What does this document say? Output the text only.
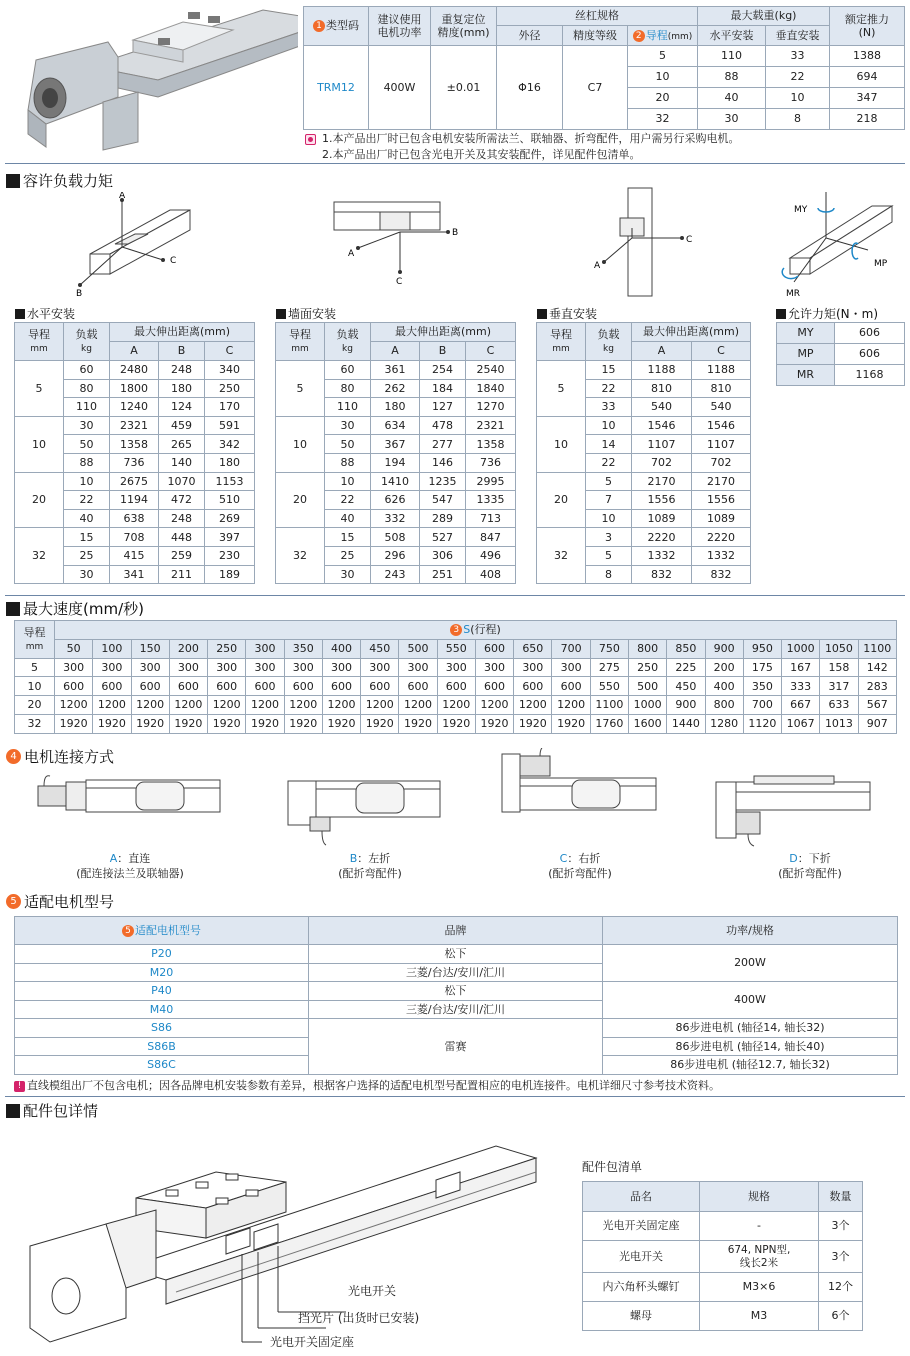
1 类型码	建议使用
电机功率	重复定位
精度(mm)	丝杠规格			最大载重(kg)		额定推力
(N)
			外径	精度等级	2 导程(mm)	水平安装	垂直安装	
TRM12	400W	±0.01	Φ16	C7	5	110	33	1388
					10	88	22	694
					20	40	10	347
					32	30	8	218
1.本产品出厂时已包含电机安装所需法兰、联轴器、折弯配件，用户需另行采购电机。
2.本产品出厂时已包含光电开关及其安装配件，详见配件包清单。
容许负载力矩
A
C
B
C
B
A
C
A
MY
MP
MR
水平安装	墙面安装	垂直安装	允许力矩(N・m)
导程
mm	负载
kg	最大伸出距离(mm)		
		A	B	C
5	60	2480	248	340
	80	1800	180	250
	110	1240	124	170
10	30	2321	459	591
	50	1358	265	342
	88	736	140	180
20	10	2675	1070	1153
	22	1194	472	510
	40	638	248	269
32	15	708	448	397
	25	415	259	230
	30	341	211	189
导程
mm	负载
kg	最大伸出距离(mm)		
		A	B	C
5	60	361	254	2540
	80	262	184	1840
	110	180	127	1270
10	30	634	478	2321
	50	367	277	1358
	88	194	146	736
20	10	1410	1235	2995
	22	626	547	1335
	40	332	289	713
32	15	508	527	847
	25	296	306	496
	30	243	251	408
导程
mm	负载
kg	最大伸出距离(mm)	
		A	C
5	15	1188	1188
	22	810	810
	33	540	540
10	10	1546	1546
	14	1107	1107
	22	702	702
20	5	2170	2170
	7	1556	1556
	10	1089	1089
32	3	2220	2220
	5	1332	1332
	8	832	832
MY	606
MP	606
MR	1168
最大速度(mm/秒)
导程
mm	3 S(行程)																					
	50	100	150	200	250	300	350	400	450	500	550	600	650	700	750	800	850	900	950	1000	1050	1100
5	300	300	300	300	300	300	300	300	300	300	300	300	300	300	275	250	225	200	175	167	158	142
10	600	600	600	600	600	600	600	600	600	600	600	600	600	600	550	500	450	400	350	333	317	283
20	1200	1200	1200	1200	1200	1200	1200	1200	1200	1200	1200	1200	1200	1200	1100	1000	900	800	700	667	633	567
32	1920	1920	1920	1920	1920	1920	1920	1920	1920	1920	1920	1920	1920	1920	1760	1600	1440	1280	1120	1067	1013	907
4 电机连接方式
A：直连
(配连接法兰及联轴器)
B：左折
(配折弯配件)
C：右折
(配折弯配件)
D：下折
(配折弯配件)
5 适配电机型号
5 适配电机型号	品牌	功率/规格
P20	松下	200W
M20	三菱/台达/安川/汇川	
P40	松下	400W
M40	三菱/台达/安川/汇川	
S86	雷赛	86步进电机 (轴径14, 轴长32)
S86B		86步进电机 (轴径14, 轴长40)
S86C		86步进电机 (轴径12.7, 轴长32)
! 直线模组出厂不包含电机；因各品牌电机安装参数有差异，根据客户选择的适配电机型号配置相应的电机连接件。电机详细尺寸参考技术资料。
配件包详情
光电开关
挡光片 (出货时已安装)
光电开关固定座
配件包清单
品名	规格	数量
光电开关固定座	-	3个
光电开关	674, NPN型,
线长2米	3个
内六角杯头螺钉	M3×6	12个
螺母	M3	6个
